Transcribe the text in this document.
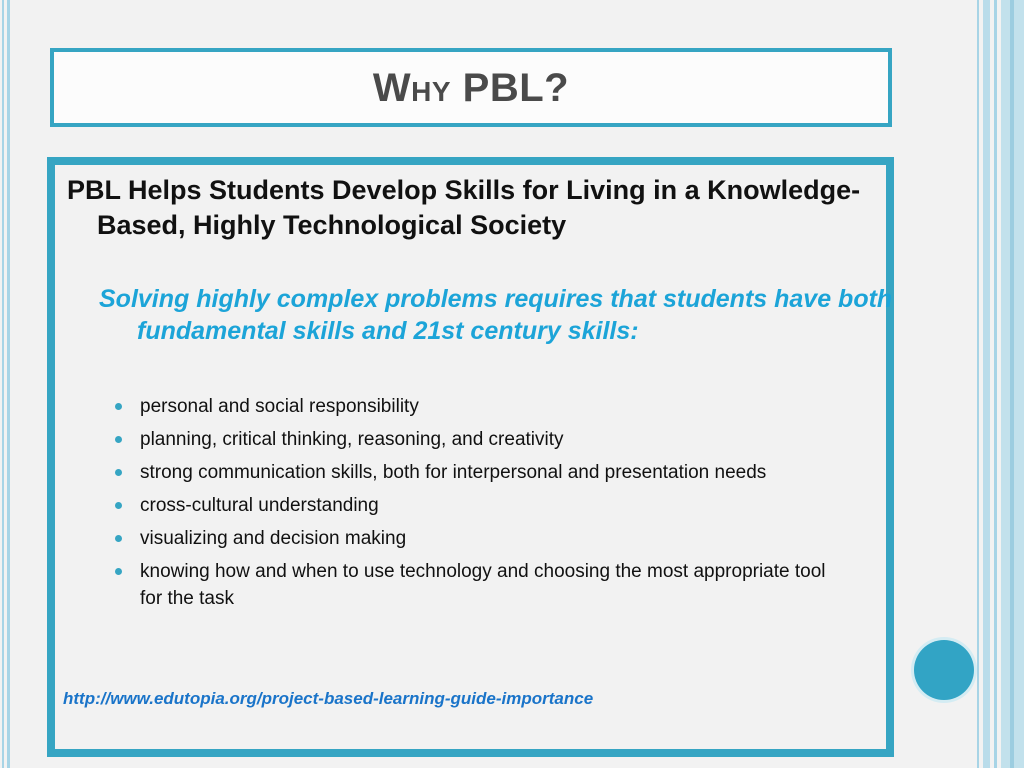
Why PBL?
PBL Helps Students Develop Skills for Living in a Knowledge-Based, Highly Technological Society
Solving highly complex problems requires that students have both fundamental skills and 21st century skills:
personal and social responsibility
planning, critical thinking, reasoning, and creativity
strong communication skills, both for interpersonal and presentation needs
cross-cultural understanding
visualizing and decision making
knowing how and when to use technology and choosing the most appropriate tool for the task
http://www.edutopia.org/project-based-learning-guide-importance
